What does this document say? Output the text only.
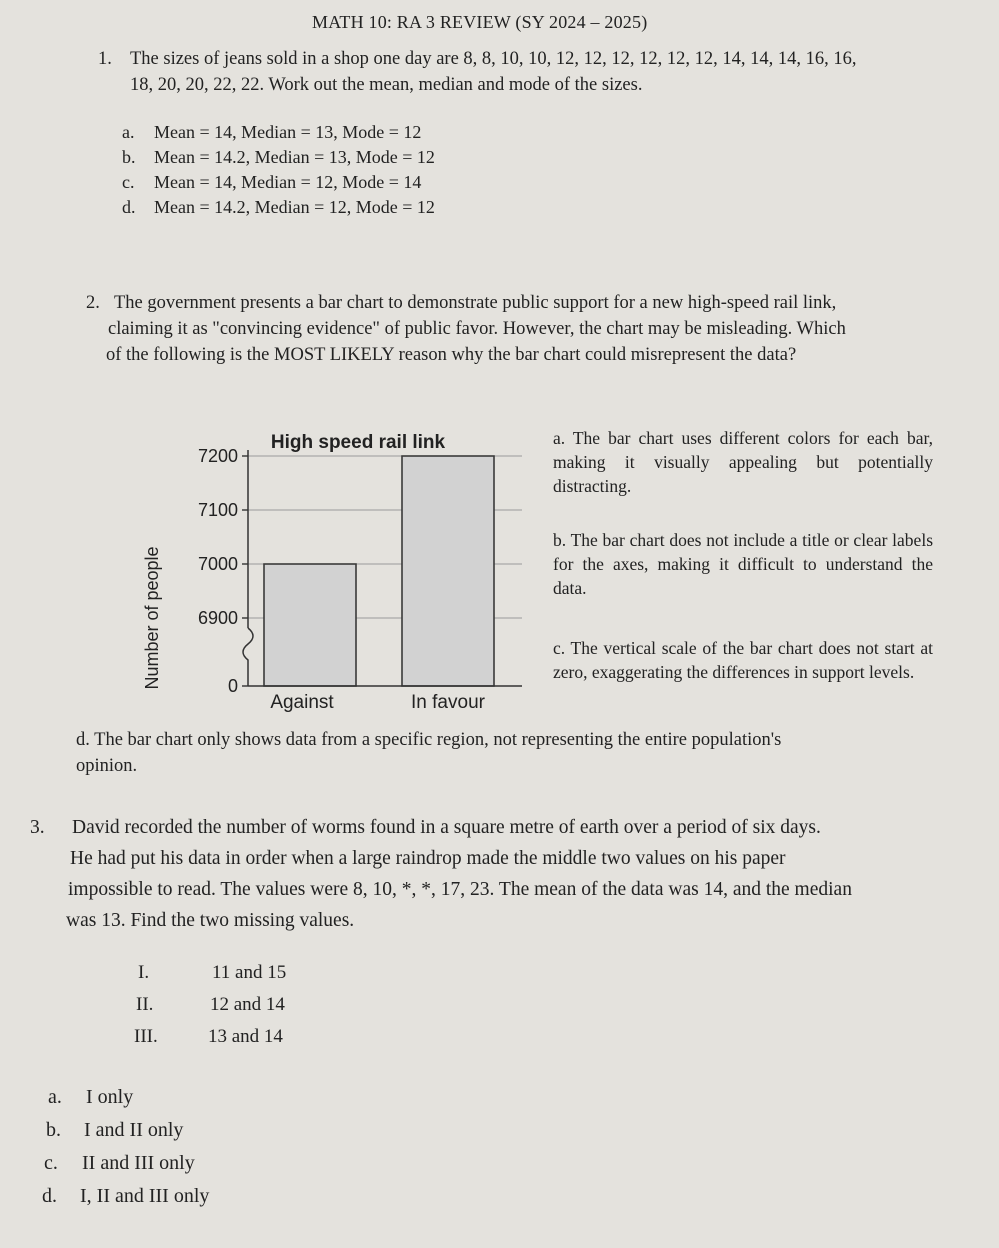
MATH 10: RA 3 REVIEW (SY 2024 – 2025)
1. The sizes of jeans sold in a shop one day are 8, 8, 10, 10, 12, 12, 12, 12, 12, 12, 14, 14, 14, 16, 16,
18, 20, 20, 22, 22. Work out the mean, median and mode of the sizes.
a. Mean = 14, Median = 13, Mode = 12
b. Mean = 14.2, Median = 13, Mode = 12
c. Mean = 14, Median = 12, Mode = 14
d. Mean = 14.2, Median = 12, Mode = 12
2. The government presents a bar chart to demonstrate public support for a new high-speed rail link,
claiming it as "convincing evidence" of public favor. However, the chart may be misleading. Which
of the following is the MOST LIKELY reason why the bar chart could misrepresent the data?
High speed rail link
Number of people	0
6900
7000
7100
7200
Against	In favour
a. The bar chart uses different colors for each bar, making it visually appealing but potentially distracting.
b. The bar chart does not include a title or clear labels for the axes, making it difficult to understand the data.
c. The vertical scale of the bar chart does not start at zero, exaggerating the differences in support levels.
d. The bar chart only shows data from a specific region, not representing the entire population's
opinion.
3. David recorded the number of worms found in a square metre of earth over a period of six days.
He had put his data in order when a large raindrop made the middle two values on his paper
impossible to read. The values were 8, 10, *, *, 17, 23. The mean of the data was 14, and the median
was 13. Find the two missing values.
I.	11 and 15
II.	12 and 14
III.	13 and 14
a. I only
b. I and II only
c. II and III only
d. I, II and III only
